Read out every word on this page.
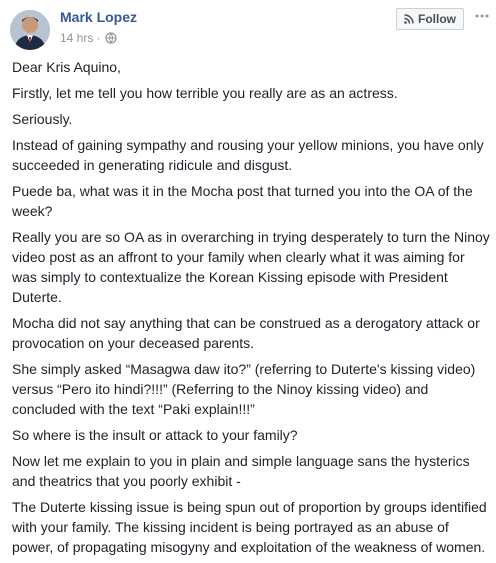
Mark Lopez
14 hrs ·
Follow

Dear Kris Aquino,

Firstly, let me tell you how terrible you really are as an actress.

Seriously.

Instead of gaining sympathy and rousing your yellow minions, you have only succeeded in generating ridicule and disgust.

Puede ba, what was it in the Mocha post that turned you into the OA of the week?

Really you are so OA as in overarching in trying desperately to turn the Ninoy video post as an affront to your family when clearly what it was aiming for was simply to contextualize the Korean Kissing episode with President Duterte.

Mocha did not say anything that can be construed as a derogatory attack or provocation on your deceased parents.

She simply asked “Masagwa daw ito?” (referring to Duterte's kissing video) versus “Pero ito hindi?!!!” (Referring to the Ninoy kissing video) and concluded with the text “Paki explain!!!”

So where is the insult or attack to your family?

Now let me explain to you in plain and simple language sans the hysterics and theatrics that you poorly exhibit -

The Duterte kissing issue is being spun out of proportion by groups identified with your family. The kissing incident is being portrayed as an abuse of power, of propagating misogyny and exploitation of the weakness of women.
